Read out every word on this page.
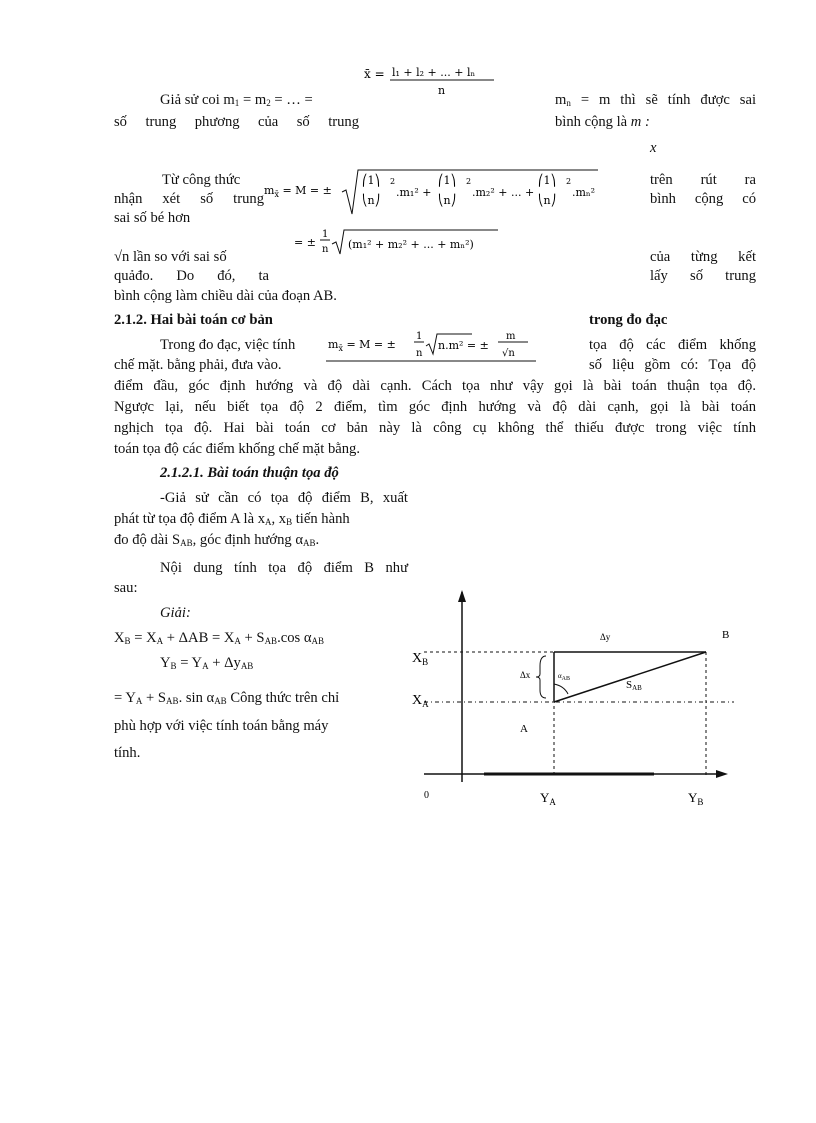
x̄ = l₁ + l₂ + ... + lₙ
n
Giả sử coi $m_1 = m_2$ = … =	$m_n = m$ thì sẽ tính được sai
số trung phương của số trung	bình cộng là m :
x
$m_{x̄} = M$ = ±
⎛1⎞
⎝n⎠
2
.m₁² +
⎛1⎞
⎝n⎠
2
.m₂² + ... +
⎛1⎞
⎝n⎠
2
.mₙ²
Từ công thức	trên rút ra
nhận xét số trung	bình cộng có
sai số bé hơn
= ±
1
n (m₁² + m₂² + ... + mₙ²)
√n lần so với sai số	của từng kết
quảđo. Do đó, ta	lấy số trung
bình cộng làm chiều dài của đoạn AB.
2.1.2. Hai bài toán cơ bản	trong đo đạc
$m_{x̄} = M$ = ±
1
n
n.m² = ±
m
√n
Trong đo đạc, việc tính	tọa độ các điểm khống
chế mặt. bằng phải, đưa vào.	số liệu gồm có: Tọa độ
điểm đầu, góc định hướng và độ dài cạnh. Cách tọa như vậy gọi là bài toán thuận tọa độ.
Ngược lại, nếu biết tọa độ 2 điểm, tìm góc định hướng và độ dài cạnh, gọi là bài toán
nghịch tọa độ. Hai bài toán cơ bản này là công cụ không thể thiếu được trong việc tính
toán tọa độ các điểm khống chế mặt bằng.
2.1.2.1. Bài toán thuận tọa độ
-Giả sử cần có tọa độ điểm B, xuất
phát từ tọa độ điểm A là $x_A$, $x_B$ tiến hành
đo độ dài $S_{AB}$, góc định hướng $\alpha_{AB}$.
Nội dung tính tọa độ điểm B như
sau:
Giải:
$X_B = X_A + \Delta AB = X_A + S_{AB}.\cos$ $\alpha_{AB}$
$Y_B = Y_A + \Delta y_{AB}$
= $Y_A + S_{AB}$. $\sin \alpha_{AB}$ Công thức trên chỉ
phù hợp với việc tính toán bằng máy
tính.
$X_B$
$X_A$
B
A
Δy
Δx	αAB	SAB
0	$Y_A$	$Y_B$
